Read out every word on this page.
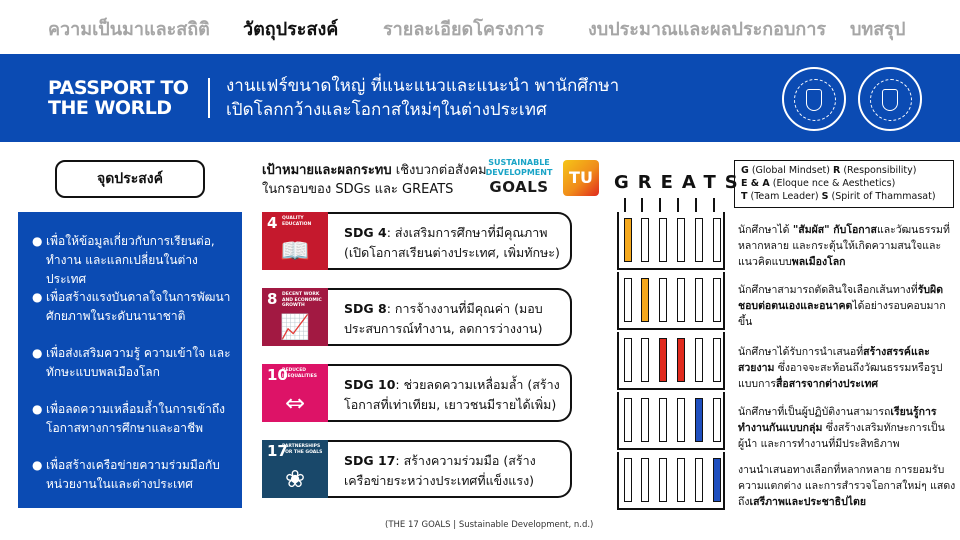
ความเป็นมาและสถิติ วัตถุประสงค์ รายละเอียดโครงการ งบประมาณและผลประกอบการ บทสรุป
PASSPORT TO
THE WORLD
งานแฟร์ขนาดใหญ่ ที่แนะแนวและแนะนำ พานักศึกษา
เปิดโลกกว้างและโอกาสใหม่ๆในต่างประเทศ
จุดประสงค์
● เพื่อให้ข้อมูลเกี่ยวกับการเรียนต่อ, ทำงาน และแลกเปลี่ยนในต่างประเทศ
● เพื่อสร้างแรงบันดาลใจในการพัฒนาศักยภาพในระดับนานาชาติ
● เพื่อส่งเสริมความรู้ ความเข้าใจ และทักษะแบบพลเมืองโลก
● เพื่อลดความเหลื่อมล้ำในการเข้าถึงโอกาสทางการศึกษาและอาชีพ
● เพื่อสร้างเครือข่ายความร่วมมือกับหน่วยงานในและต่างประเทศ
เป้าหมายและผลกระทบ เชิงบวกต่อสังคมในกรอบของ SDGs และ GREATS
SUSTAINABLE
DEVELOPMENT
GOALS	TU
SDG 4: ส่งเสริมการศึกษาที่มีคุณภาพ (เปิดโอกาสเรียนต่างประเทศ, เพิ่มทักษะ)
4 QUALITY EDUCATION
📖
SDG 8: การจ้างงานที่มีคุณค่า (มอบประสบการณ์ทำงาน, ลดการว่างงาน)
8 DECENT WORK AND ECONOMIC GROWTH
📈
SDG 10: ช่วยลดความเหลื่อมล้ำ (สร้างโอกาสที่เท่าเทียม, เยาวชนมีรายได้เพิ่ม)
10
REDUCED INEQUALITIES
⇔
SDG 17: สร้างความร่วมมือ (สร้างเครือข่ายระหว่างประเทศที่แข็งแรง)
17
PARTNERSHIPS FOR THE GOALS
❀
(THE 17 GOALS | Sustainable Development, n.d.)
GREATS
G (Global Mindset) R (Responsibility)
E & A (Eloque nce & Aesthetics)
T (Team Leader) S (Spirit of Thammasat)
นักศึกษาได้ "สัมผัส" กับโอกาสและวัฒนธรรมที่หลากหลาย และกระตุ้นให้เกิดความสนใจและแนวคิดแบบพลเมืองโลก
นักศึกษาสามารถตัดสินใจเลือกเส้นทางที่รับผิดชอบต่อตนเองและอนาคตได้อย่างรอบคอบมากขึ้น
นักศึกษาได้รับการนำเสนอที่สร้างสรรค์และสวยงาม ซึ่งอาจจะสะท้อนถึงวัฒนธรรมหรือรูปแบบการสื่อสารจากต่างประเทศ
นักศึกษาที่เป็นผู้ปฏิบัติงานสามารถเรียนรู้การทำงานกันแบบกลุ่ม ซึ่งสร้างเสริมทักษะการเป็นผู้นำ และการทำงานที่มีประสิทธิภาพ
งานนำเสนอทางเลือกที่หลากหลาย การยอมรับความแตกต่าง และการสำรวจโอกาสใหม่ๆ แสดงถึงเสรีภาพและประชาธิปไตย
